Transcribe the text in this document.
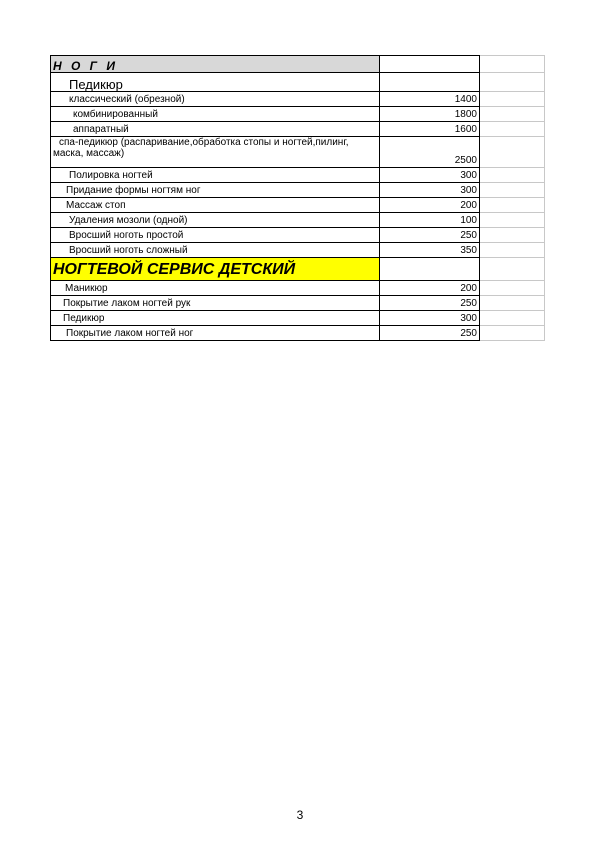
Н О Г И		
Педикюр		
классический (обрезной)	1400	
комбинированный	1800	
аппаратный	1600	
спа-педикюр (распаривание,обработка стопы и ногтей,пилинг, маска, массаж)	2500	
Полировка ногтей	300	
Придание формы ногтям ног	300	
Массаж стоп	200	
Удаления мозоли (одной)	100	
Вросший ноготь простой	250	
Вросший ноготь сложный	350	
НОГТЕВОЙ СЕРВИС ДЕТСКИЙ		
Маникюр	200	
Покрытие лаком ногтей рук	250	
Педикюр	300	
Покрытие лаком ногтей ног	250	
3
